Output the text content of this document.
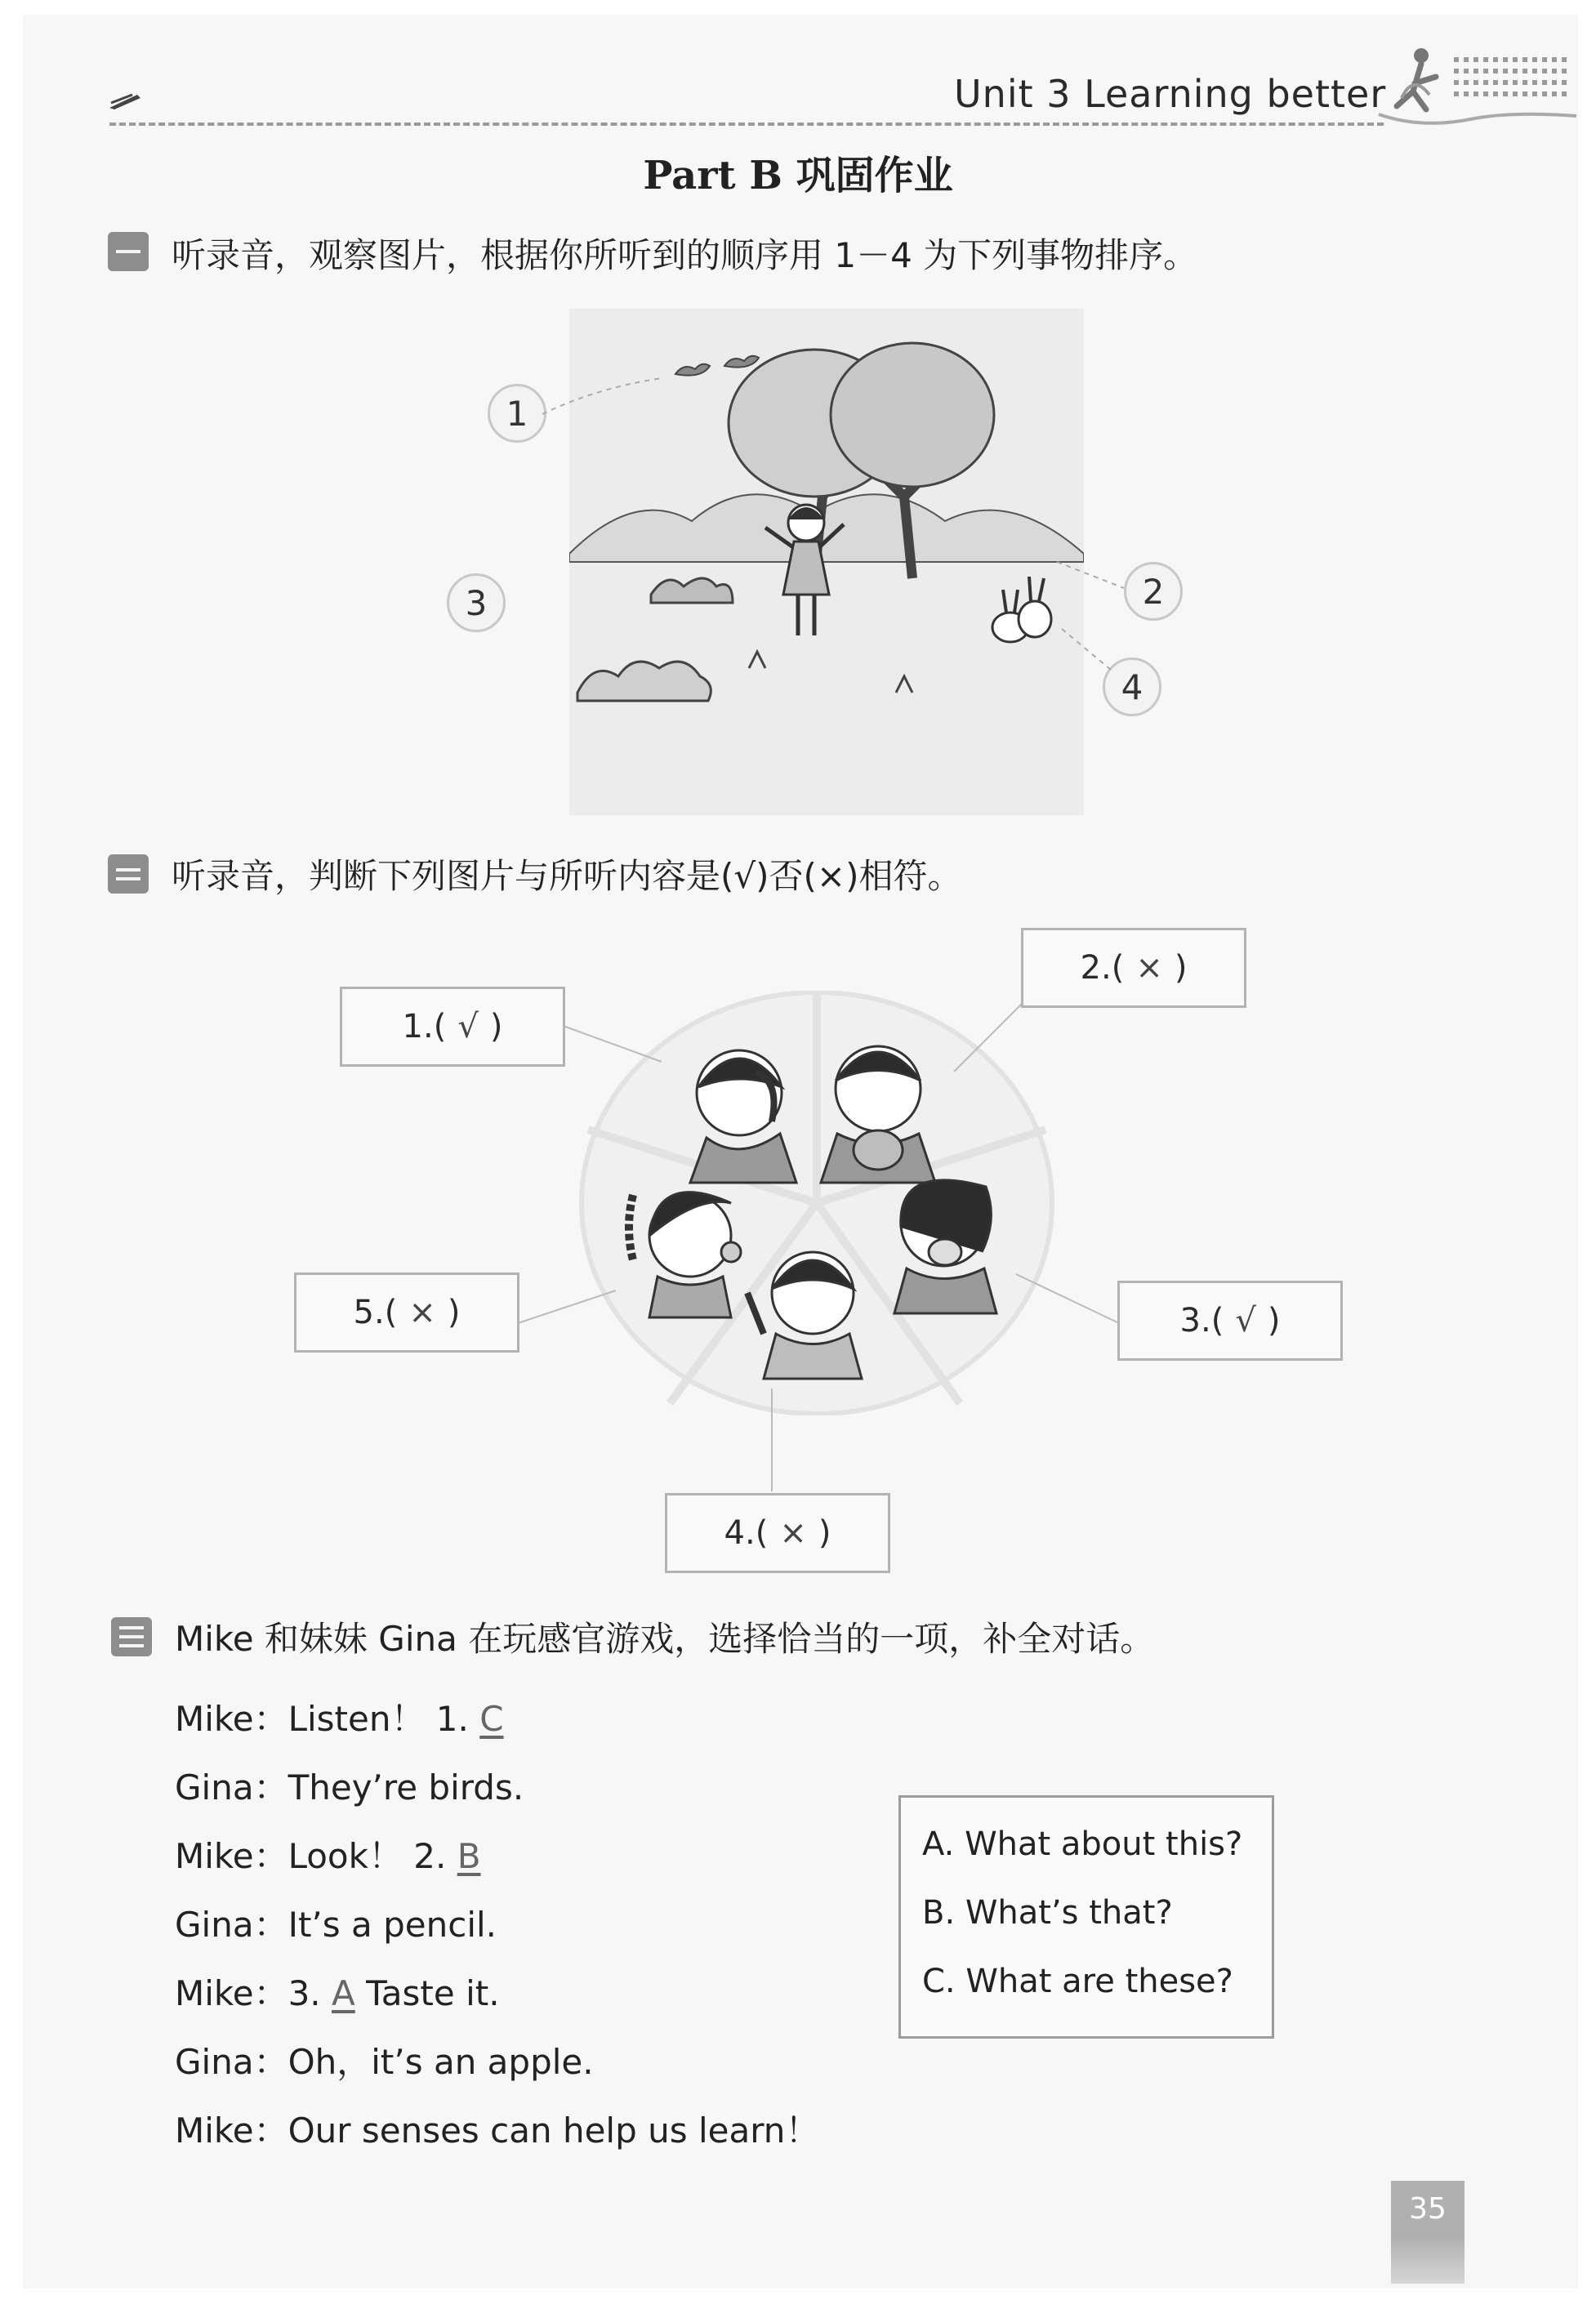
Unit 3 Learning better
Part B 巩固作业
听录音，观察图片，根据你所听到的顺序用 1－4 为下列事物排序。
1
2
3
4
听录音，判断下列图片与所听内容是(√)否(×)相符。
1. ( √ )
2. ( × )
3. ( √ )
4. ( × )
5. ( × )
Mike 和妹妹 Gina 在玩感官游戏，选择恰当的一项，补全对话。
Mike：Listen！ 1. C
Gina：They’re birds.
Mike：Look！ 2. B
Gina：It’s a pencil.
Mike：3. A Taste it.
Gina：Oh，it’s an apple.
Mike：Our senses can help us learn！
A. What about this?
B. What’s that?
C. What are these?
35
